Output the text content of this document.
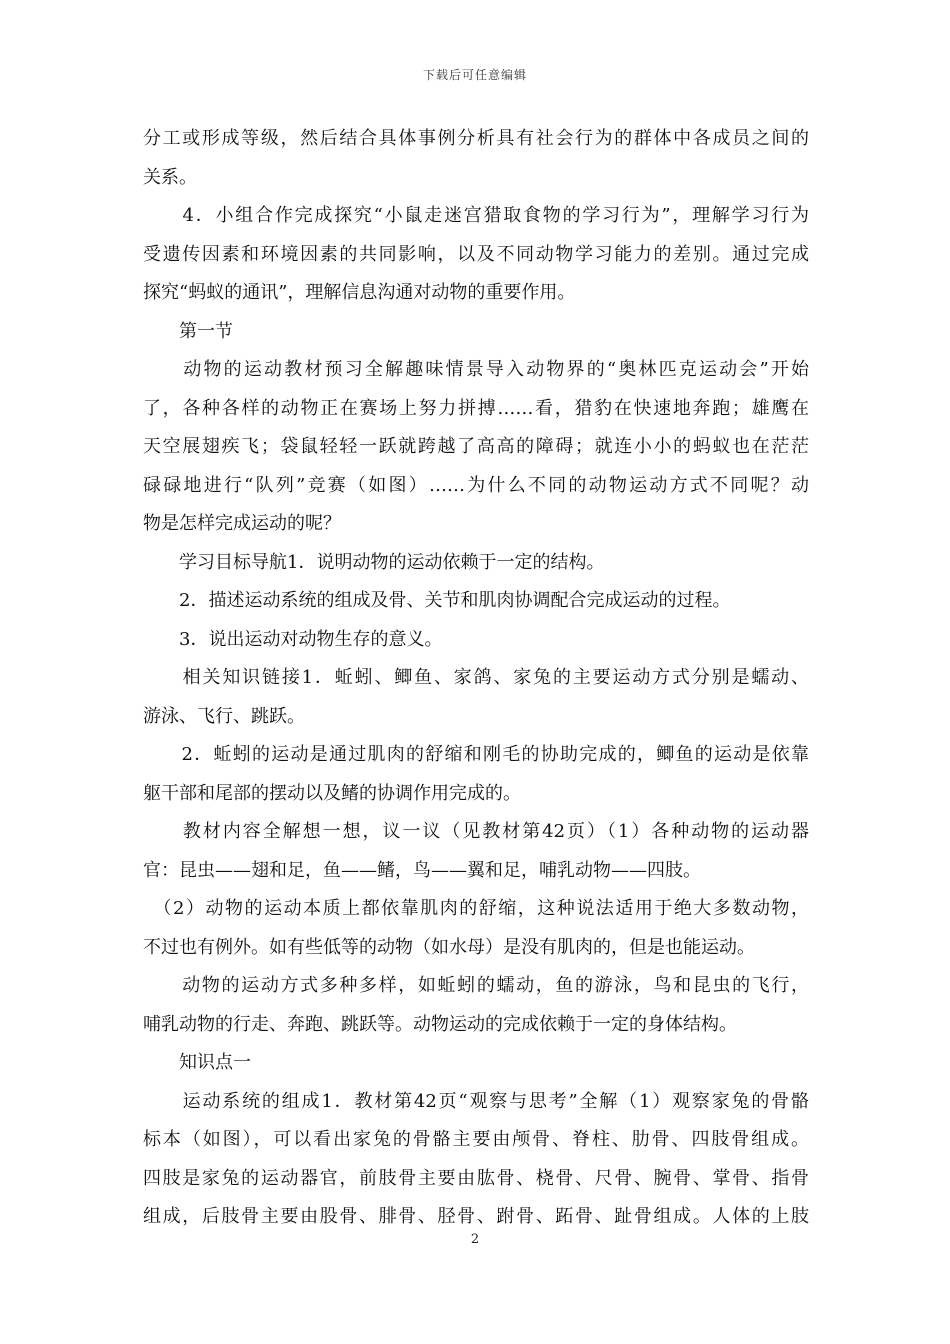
下载后可任意编辑
分工或形成等级，然后结合具体事例分析具有社会行为的群体中各成员之间的
关系。
　　4．小组合作完成探究“小鼠走迷宫猎取食物的学习行为”，理解学习行为
受遗传因素和环境因素的共同影响，以及不同动物学习能力的差别。通过完成
探究“蚂蚁的通讯”，理解信息沟通对动物的重要作用。
　　第一节
　　动物的运动教材预习全解趣味情景导入动物界的“奥林匹克运动会”开始
了，各种各样的动物正在赛场上努力拼搏……看，猎豹在快速地奔跑；雄鹰在
天空展翅疾飞；袋鼠轻轻一跃就跨越了高高的障碍；就连小小的蚂蚁也在茫茫
碌碌地进行“队列”竞赛（如图）……为什么不同的动物运动方式不同呢？动
物是怎样完成运动的呢？
　　学习目标导航1．说明动物的运动依赖于一定的结构。
　　2．描述运动系统的组成及骨、关节和肌肉协调配合完成运动的过程。
　　3．说出运动对动物生存的意义。
　　相关知识链接1．蚯蚓、鲫鱼、家鸽、家兔的主要运动方式分别是蠕动、
游泳、飞行、跳跃。
　　2．蚯蚓的运动是通过肌肉的舒缩和刚毛的协助完成的，鲫鱼的运动是依靠
躯干部和尾部的摆动以及鳍的协调作用完成的。
　　教材内容全解想一想，议一议（见教材第42页）（1）各种动物的运动器
官：昆虫——翅和足，鱼——鳍，鸟——翼和足，哺乳动物——四肢。
　（2）动物的运动本质上都依靠肌肉的舒缩，这种说法适用于绝大多数动物，
不过也有例外。如有些低等的动物（如水母）是没有肌肉的，但是也能运动。
　　动物的运动方式多种多样，如蚯蚓的蠕动，鱼的游泳，鸟和昆虫的飞行，
哺乳动物的行走、奔跑、跳跃等。动物运动的完成依赖于一定的身体结构。
　　知识点一
　　运动系统的组成1．教材第42页“观察与思考”全解（1）观察家兔的骨骼
标本（如图），可以看出家兔的骨骼主要由颅骨、脊柱、肋骨、四肢骨组成。
四肢是家兔的运动器官，前肢骨主要由肱骨、桡骨、尺骨、腕骨、掌骨、指骨
组成，后肢骨主要由股骨、腓骨、胫骨、跗骨、跖骨、趾骨组成。人体的上肢
2
